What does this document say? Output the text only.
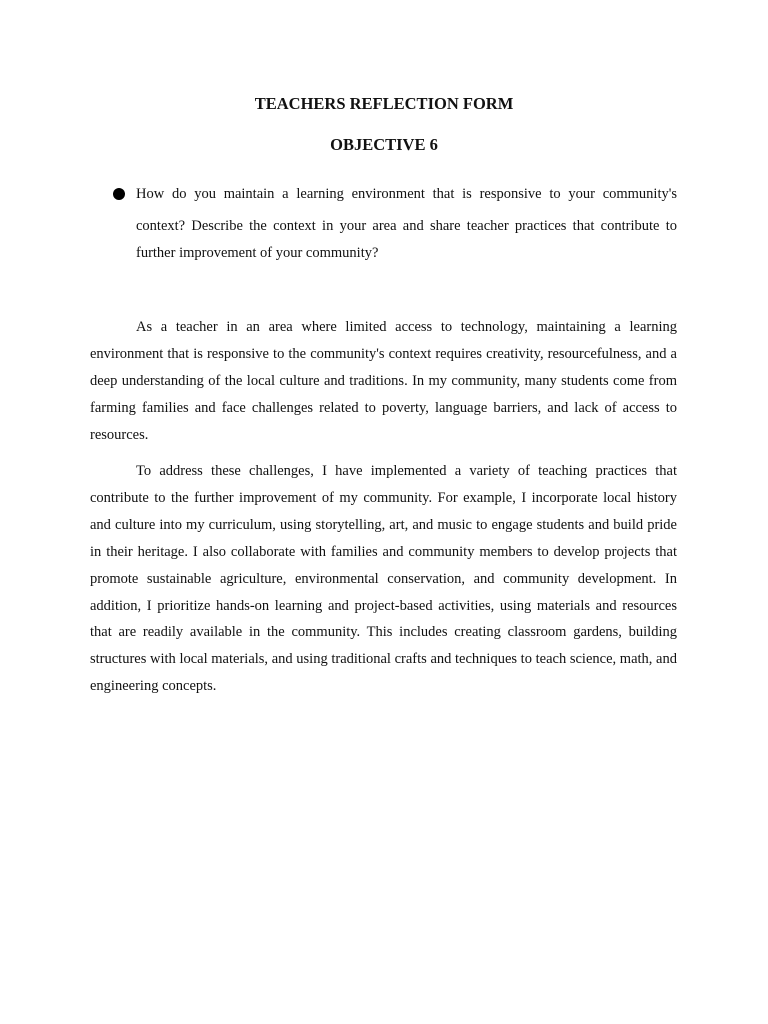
TEACHERS REFLECTION FORM
OBJECTIVE 6

How do you maintain a learning environment that is responsive to your community's
context? Describe the context in your area and share teacher practices that contribute to further improvement of your community?

As a teacher in an area where limited access to technology, maintaining a learning environment that is responsive to the community's context requires creativity, resourcefulness, and a deep understanding of the local culture and traditions. In my community, many students come from farming families and face challenges related to poverty, language barriers, and lack of access to resources.

To address these challenges, I have implemented a variety of teaching practices that contribute to the further improvement of my community. For example, I incorporate local history and culture into my curriculum, using storytelling, art, and music to engage students and build pride in their heritage. I also collaborate with families and community members to develop projects that promote sustainable agriculture, environmental conservation, and community development. In addition, I prioritize hands-on learning and project-based activities, using materials and resources that are readily available in the community. This includes creating classroom gardens, building structures with local materials, and using traditional crafts and techniques to teach science, math, and engineering concepts.
